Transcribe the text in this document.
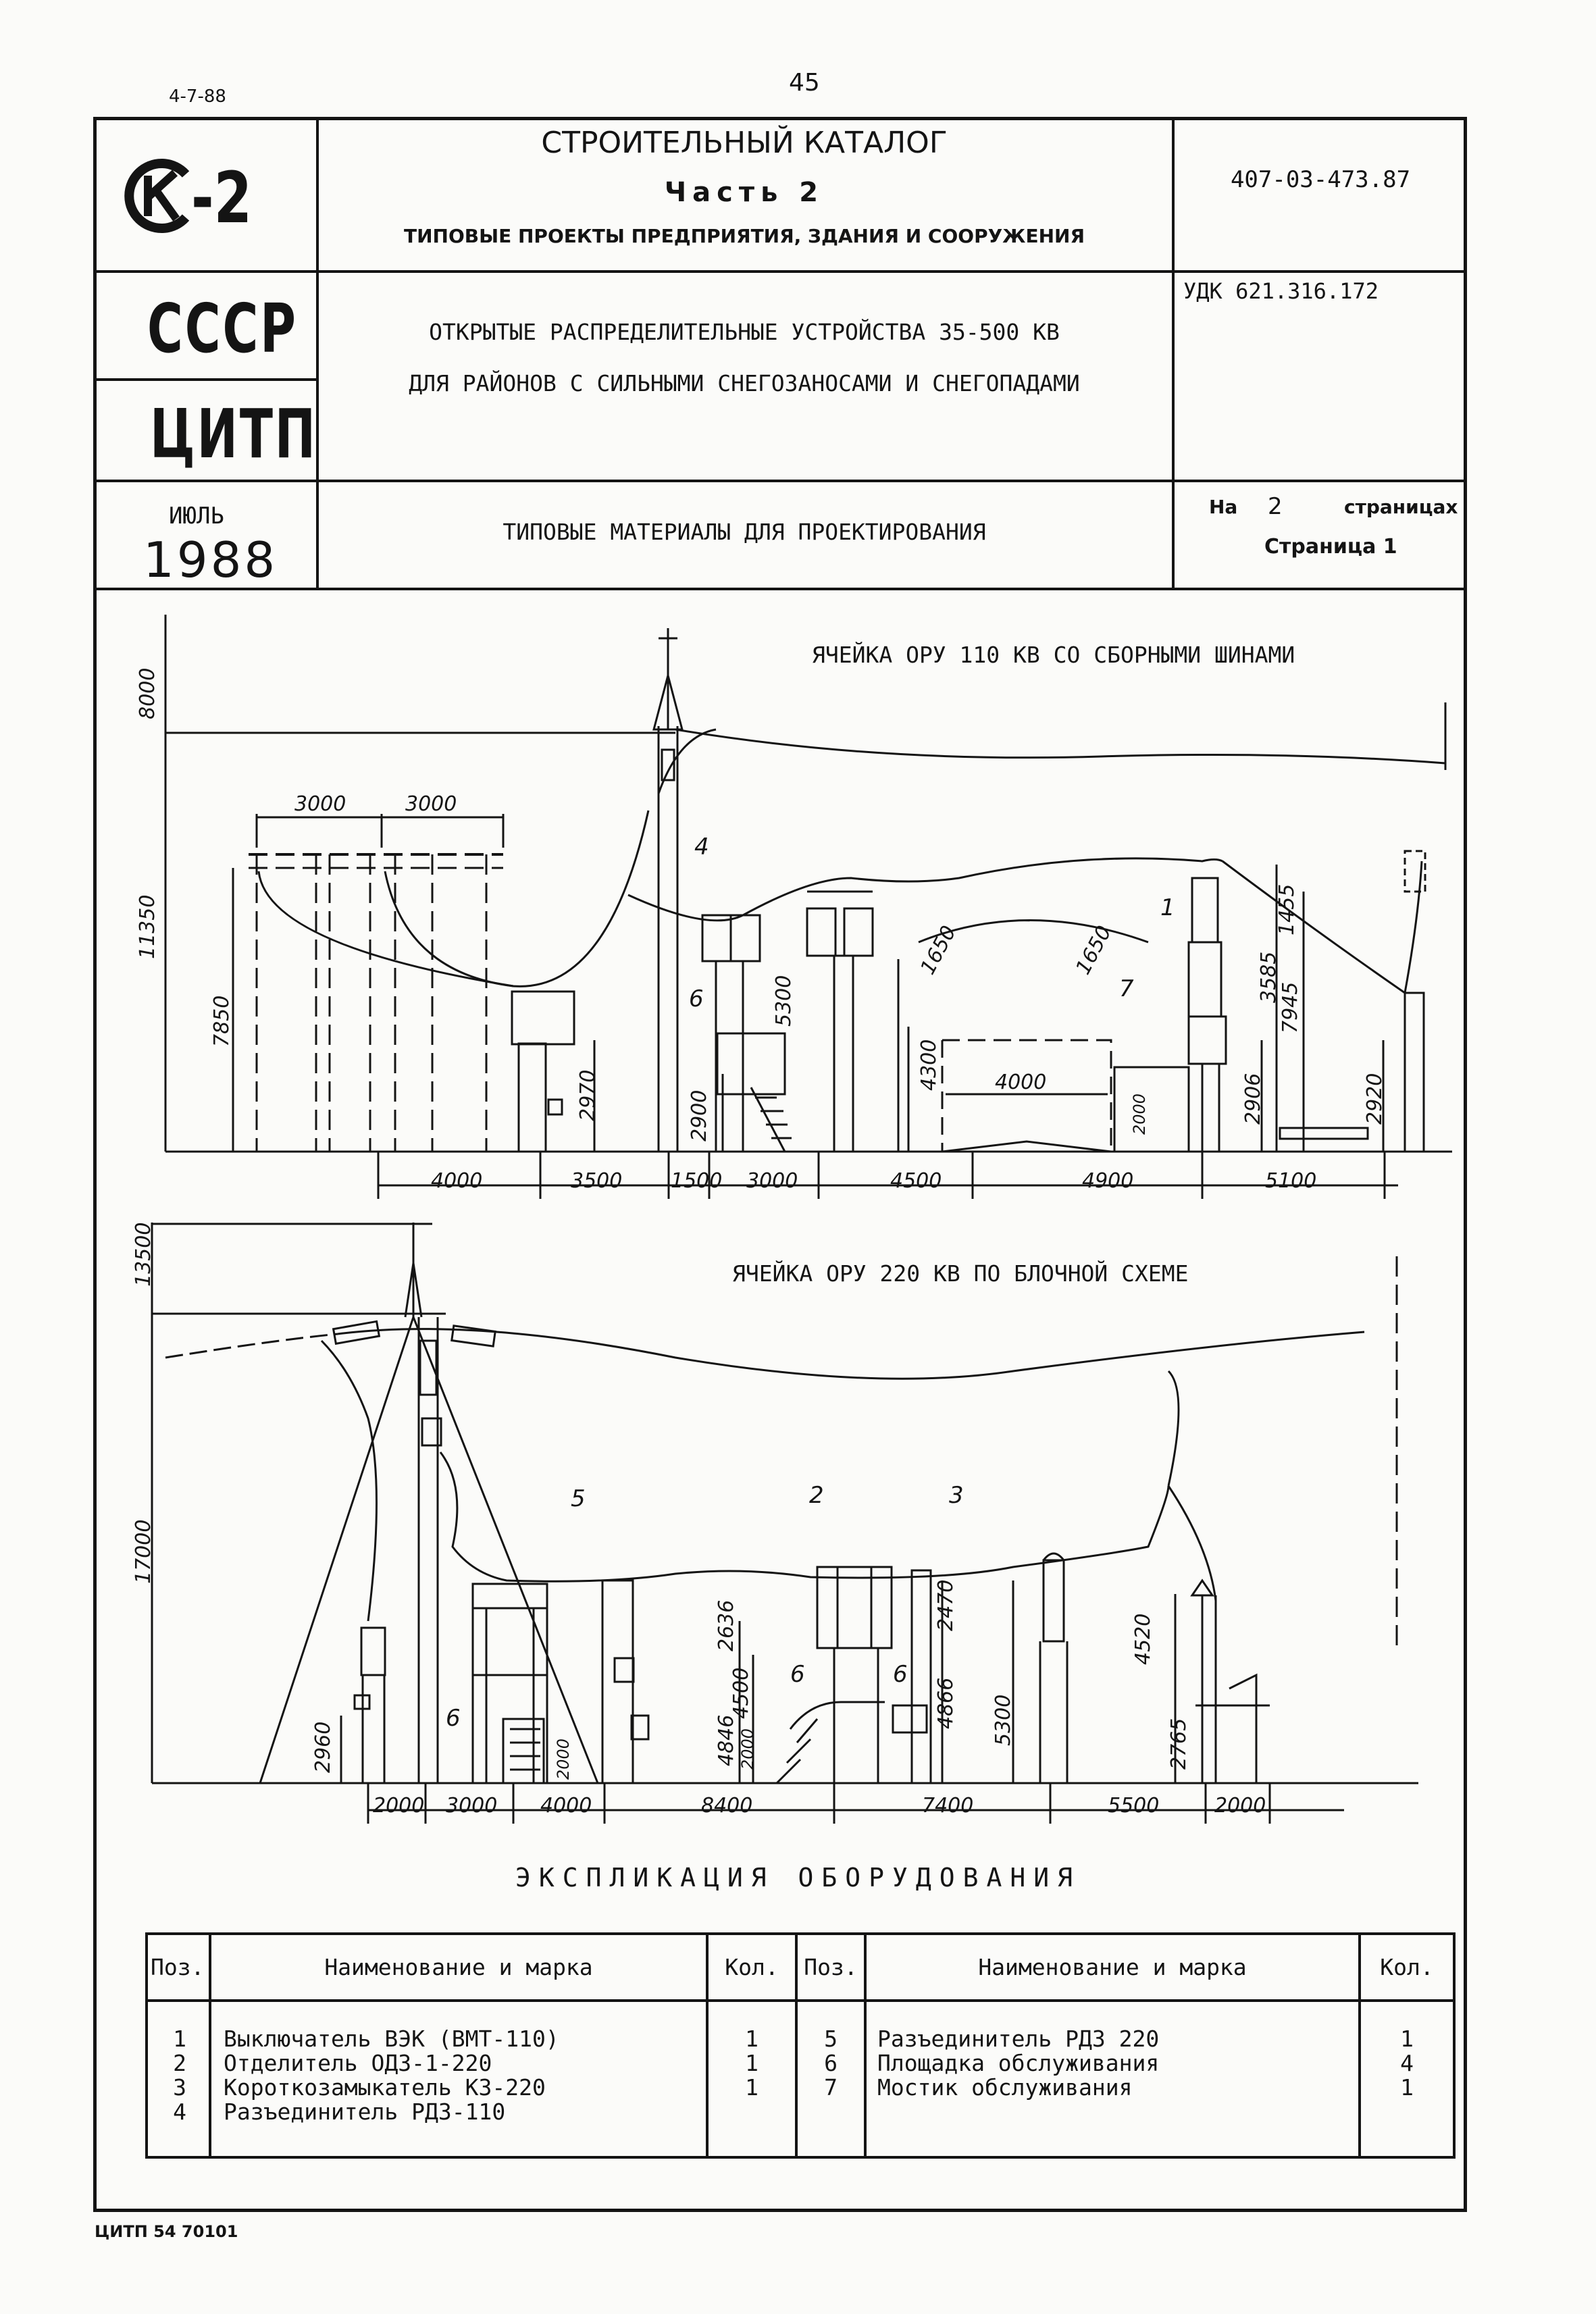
4-7-88	45
-2
СССР
ЦИТП
ИЮЛЬ
1988
СТРОИТЕЛЬНЫЙ КАТАЛОГ
Часть 2
ТИПОВЫЕ ПРОЕКТЫ ПРЕДПРИЯТИЯ, ЗДАНИЯ И СООРУЖЕНИЯ
ОТКРЫТЫЕ РАСПРЕДЕЛИТЕЛЬНЫЕ УСТРОЙСТВА 35-500 КВ
ДЛЯ РАЙОНОВ С СИЛЬНЫМИ СНЕГОЗАНОСАМИ И СНЕГОПАДАМИ
ТИПОВЫЕ МАТЕРИАЛЫ ДЛЯ ПРОЕКТИРОВАНИЯ
407-03-473.87
УДК 621.316.172
На 2	страницах
Страница 1
ЯЧЕЙКА ОРУ 110 КВ СО СБОРНЫМИ ШИНАМИ
ЯЧЕЙКА ОРУ 220 КВ ПО БЛОЧНОЙ СХЕМЕ
8000
11350
7850
2970	2900
5300
4300
1650	1650
1455
3585
7945
2906	2920
2000
3000	3000
4000
4000	3500 1500 3000	4500	4900	5100
4
6
1
7
13500
17000
2960	2000
2636
4500
4846 2000
2470
4866 5300
4520
2765
2000 3000 4000	8400	7400	5500	2000
5	2	3
6
6	6
ЭКСПЛИКАЦИЯ ОБОРУДОВАНИЯ
Поз.	Наименование и марка	Кол.	Поз.	Наименование и марка	Кол.
1	Выключатель ВЭК (ВМТ-110)	1
2	Отделитель ОДЗ-1-220	1
3	Короткозамыкатель КЗ-220	1
4	Разъединитель РДЗ-110
5	Разъединитель РДЗ 220	1
6	Площадка обслуживания	4
7	Мостик обслуживания	1
ЦИТП 54 70101
